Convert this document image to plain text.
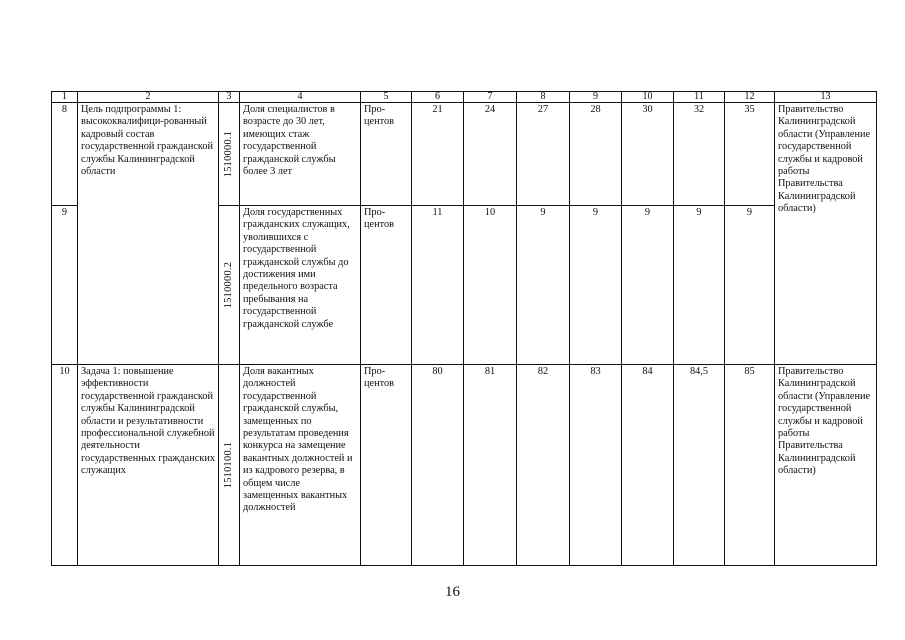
1	2	3	4	5	6	7	8	9	10	11	12	13
8	Цель подпрограммы 1: высококвалифици-рованный кадровый состав государственной гражданской службы Калининградской области	1510000.1	Доля специалистов в возрасте до 30 лет, имеющих стаж государственной гражданской службы более 3 лет	Про-центов	21	24	27	28	30	32	35	Правительство Калининградской области (Управление государственной службы и кадровой работы Правительства Калининградской области)
9		1510000.2	Доля государственных гражданских служащих, уволившихся с государственной гражданской службы до достижения ими предельного возраста пребывания на государственной гражданской службе	Про-центов	11	10	9	9	9	9	9	
10	Задача 1: повышение эффективности государственной гражданской службы Калининградской области и результативности профессиональной служебной деятельности государственных гражданских служащих	1510100.1	Доля вакантных должностей государственной гражданской службы, замещенных по результатам проведения конкурса на замещение вакантных должностей и из кадрового резерва, в общем числе замещенных вакантных должностей	Про-центов	80	81	82	83	84	84,5	85	Правительство Калининградской области (Управление государственной службы и кадровой работы Правительства Калининградской области)
16
